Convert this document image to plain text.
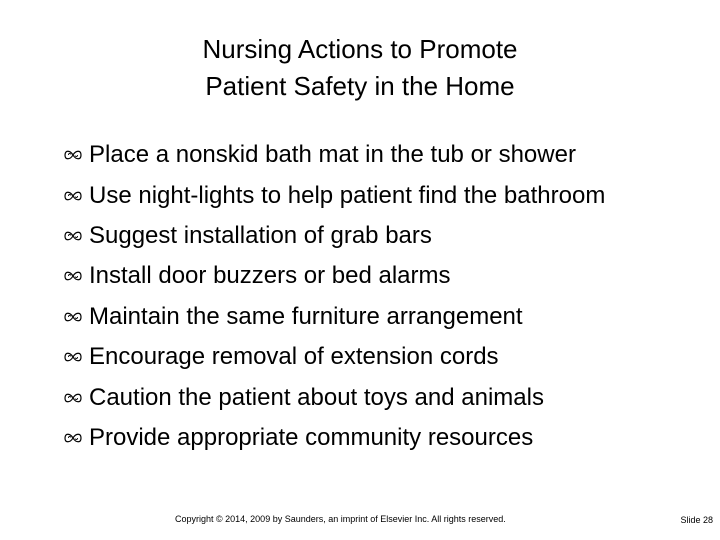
Nursing Actions to Promote
Patient Safety in the Home
Place a nonskid bath mat in the tub or shower
Use night-lights to help patient find the bathroom
Suggest installation of grab bars
Install door buzzers or bed alarms
Maintain the same furniture arrangement
Encourage removal of extension cords
Caution the patient about toys and animals
Provide appropriate community resources
Copyright © 2014, 2009 by Saunders, an imprint of Elsevier Inc. All rights reserved.	Slide 28
